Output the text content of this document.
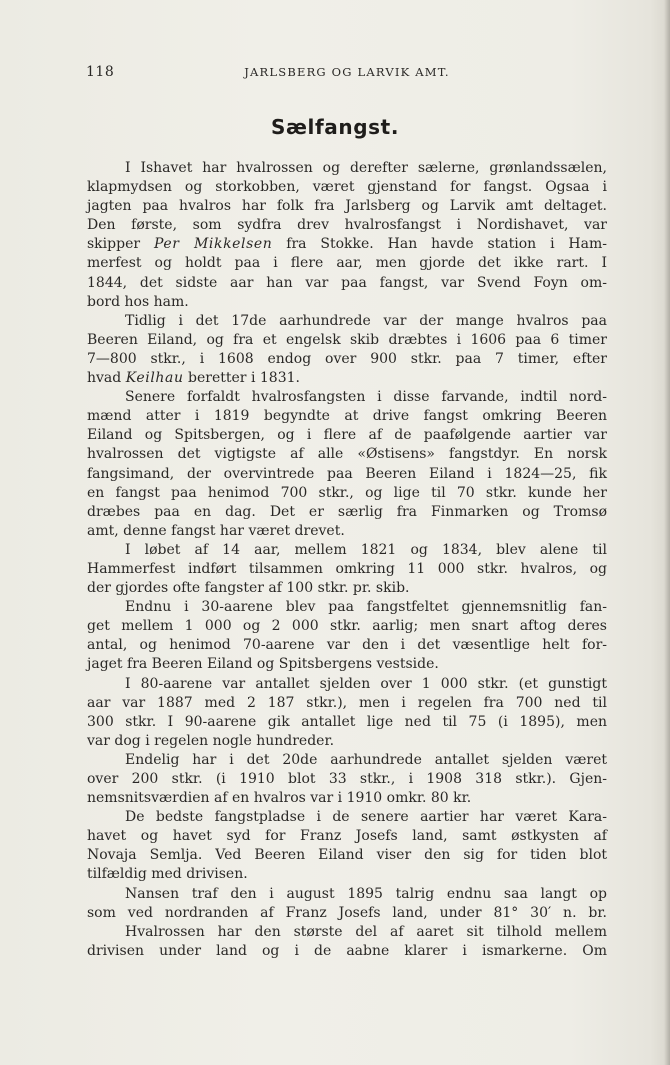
118	JARLSBERG OG LARVIK AMT.
Sælfangst.
I Ishavet har hvalrossen og derefter sælerne, grønlandssælen,
klapmydsen og storkobben, været gjenstand for fangst. Ogsaa i
jagten paa hvalros har folk fra Jarlsberg og Larvik amt deltaget.
Den første, som sydfra drev hvalrosfangst i Nordishavet, var
skipper Per Mikkelsen fra Stokke. Han havde station i Ham-
merfest og holdt paa i flere aar, men gjorde det ikke rart. I
1844, det sidste aar han var paa fangst, var Svend Foyn om-
bord hos ham.
Tidlig i det 17de aarhundrede var der mange hvalros paa
Beeren Eiland, og fra et engelsk skib dræbtes i 1606 paa 6 timer
7—800 stkr., i 1608 endog over 900 stkr. paa 7 timer, efter
hvad Keilhau beretter i 1831.
Senere forfaldt hvalrosfangsten i disse farvande, indtil nord-
mænd atter i 1819 begyndte at drive fangst omkring Beeren
Eiland og Spitsbergen, og i flere af de paafølgende aartier var
hvalrossen det vigtigste af alle «Østisens» fangstdyr. En norsk
fangsimand, der overvintrede paa Beeren Eiland i 1824—25, fik
en fangst paa henimod 700 stkr., og lige til 70 stkr. kunde her
dræbes paa en dag. Det er særlig fra Finmarken og Tromsø
amt, denne fangst har været drevet.
I løbet af 14 aar, mellem 1821 og 1834, blev alene til
Hammerfest indført tilsammen omkring 11 000 stkr. hvalros, og
der gjordes ofte fangster af 100 stkr. pr. skib.
Endnu i 30-aarene blev paa fangstfeltet gjennemsnitlig fan-
get mellem 1 000 og 2 000 stkr. aarlig; men snart aftog deres
antal, og henimod 70-aarene var den i det væsentlige helt for-
jaget fra Beeren Eiland og Spitsbergens vestside.
I 80-aarene var antallet sjelden over 1 000 stkr. (et gunstigt
aar var 1887 med 2 187 stkr.), men i regelen fra 700 ned til
300 stkr. I 90-aarene gik antallet lige ned til 75 (i 1895), men
var dog i regelen nogle hundreder.
Endelig har i det 20de aarhundrede antallet sjelden været
over 200 stkr. (i 1910 blot 33 stkr., i 1908 318 stkr.). Gjen-
nemsnitsværdien af en hvalros var i 1910 omkr. 80 kr.
De bedste fangstpladse i de senere aartier har været Kara-
havet og havet syd for Franz Josefs land, samt østkysten af
Novaja Semlja. Ved Beeren Eiland viser den sig for tiden blot
tilfældig med drivisen.
Nansen traf den i august 1895 talrig endnu saa langt op
som ved nordranden af Franz Josefs land, under 81° 30′ n. br.
Hvalrossen har den største del af aaret sit tilhold mellem
drivisen under land og i de aabne klarer i ismarkerne. Om
